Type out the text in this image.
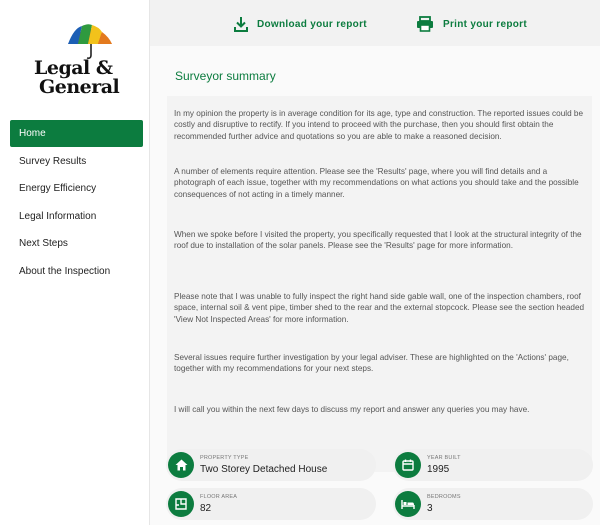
Legal &
General
Home
Survey Results
Energy Efficiency
Legal Information
Next Steps
About the Inspection
Download your report	Print your report
Surveyor summary

In my opinion the property is in average condition for its age, type and construction. The reported issues could be costly and disruptive to rectify. If you intend to proceed with the purchase, then you should first obtain the recommended further advice and quotations so you are able to make a reasoned decision.

A number of elements require attention. Please see the 'Results' page, where you will find details and a photograph of each issue, together with my recommendations on what actions you should take and the possible consequences of not acting in a timely manner.

When we spoke before I visited the property, you specifically requested that I look at the structural integrity of the roof due to installation of the solar panels. Please see the 'Results' page for more information.

Please note that I was unable to fully inspect the right hand side gable wall, one of the inspection chambers, roof space, internal soil & vent pipe, timber shed to the rear and the external stopcock. Please see the section headed 'View Not Inspected Areas' for more information.

Several issues require further investigation by your legal adviser. These are highlighted on the 'Actions' page, together with my recommendations for your next steps.

I will call you within the next few days to discuss my report and answer any queries you may have.

PROPERTY TYPE
Two Storey Detached House
YEAR BUILT
1995
FLOOR AREA
82
BEDROOMS
3
